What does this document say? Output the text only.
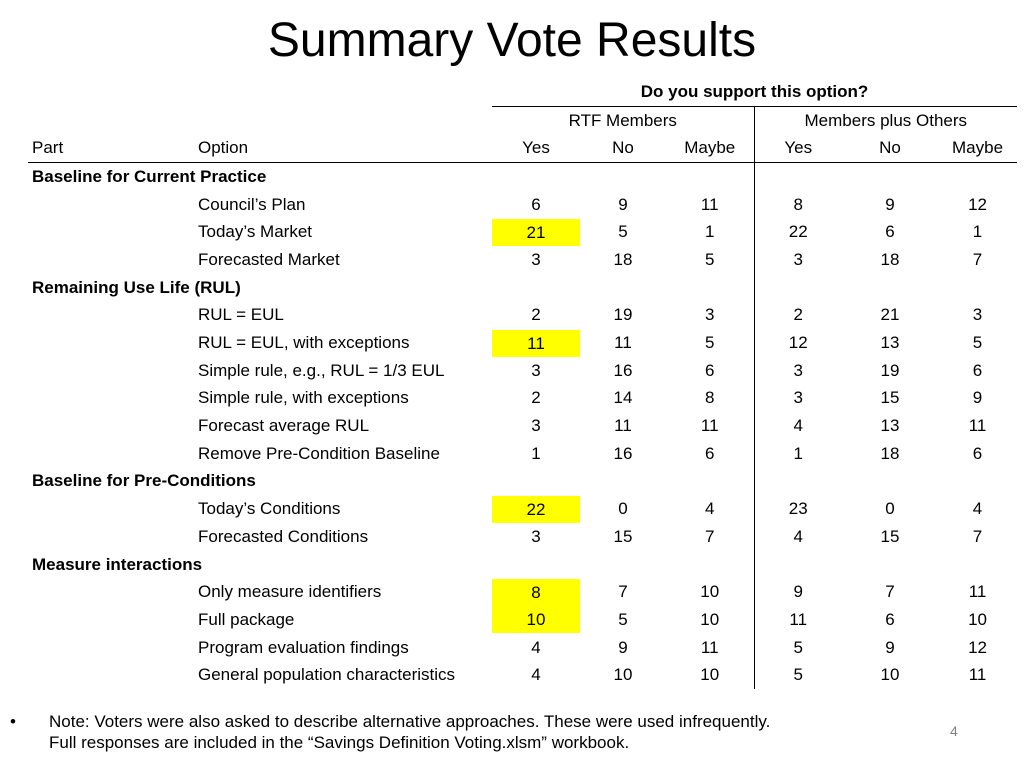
Summary Vote Results
		Do you support this option?					
		RTF Members			Members plus Others		
Part	Option	Yes	No	Maybe	Yes	No	Maybe
Baseline for Current Practice							
	Council’s Plan	6	9	11	8	9	12
	Today’s Market	21	5	1	22	6	1
	Forecasted Market	3	18	5	3	18	7
Remaining Use Life (RUL)							
	RUL = EUL	2	19	3	2	21	3
	RUL = EUL, with exceptions	11	11	5	12	13	5
	Simple rule, e.g., RUL = 1/3 EUL	3	16	6	3	19	6
	Simple rule, with exceptions	2	14	8	3	15	9
	Forecast average RUL	3	11	11	4	13	11
	Remove Pre-Condition Baseline	1	16	6	1	18	6
Baseline for Pre-Conditions							
	Today’s Conditions	22	0	4	23	0	4
	Forecasted Conditions	3	15	7	4	15	7
Measure interactions							
	Only measure identifiers	8	7	10	9	7	11
	Full package	10	5	10	11	6	10
	Program evaluation findings	4	9	11	5	9	12
	General population characteristics	4	10	10	5	10	11
• Note: Voters were also asked to describe alternative approaches. These were used infrequently.
Full responses are included in the “Savings Definition Voting.xlsm” workbook.
4
